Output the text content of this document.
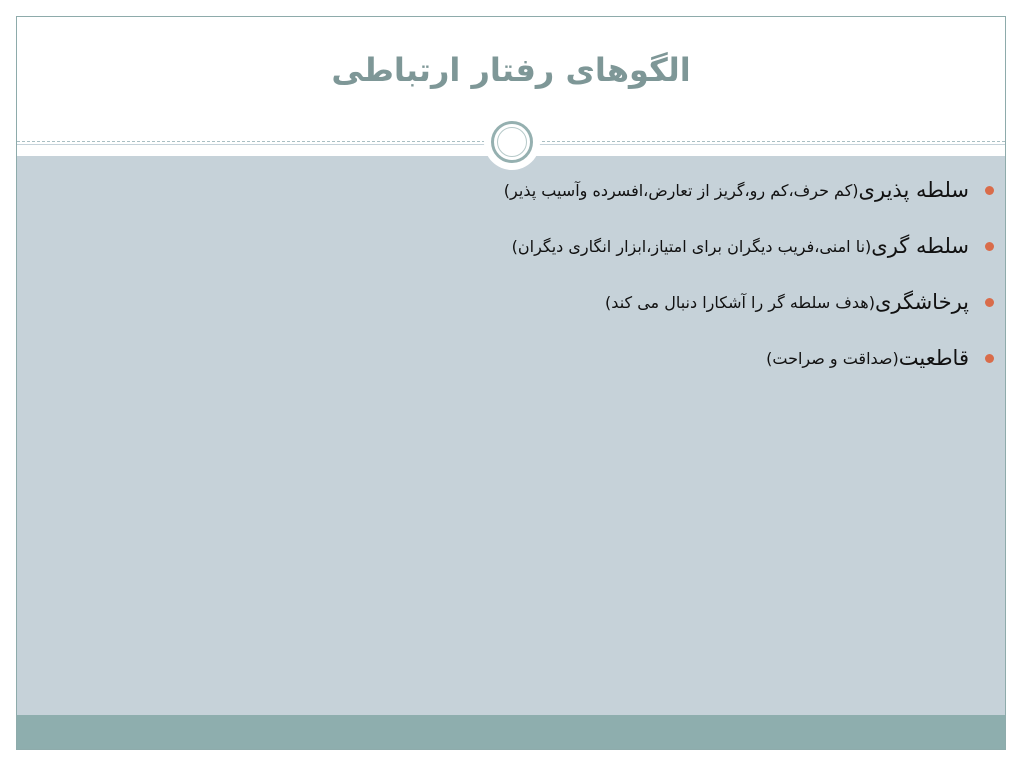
الگوهای رفتار ارتباطی
سلطه پذیری
(کم حرف،کم رو،گریز از تعارض،افسرده وآسیب پذیر)
سلطه گری
(نا امنی،فریب دیگران برای امتیاز،ابزار انگاری دیگران)
پرخاشگری
(هدف سلطه گر را آشکارا دنبال می کند)
قاطعیت
(صداقت و صراحت)
